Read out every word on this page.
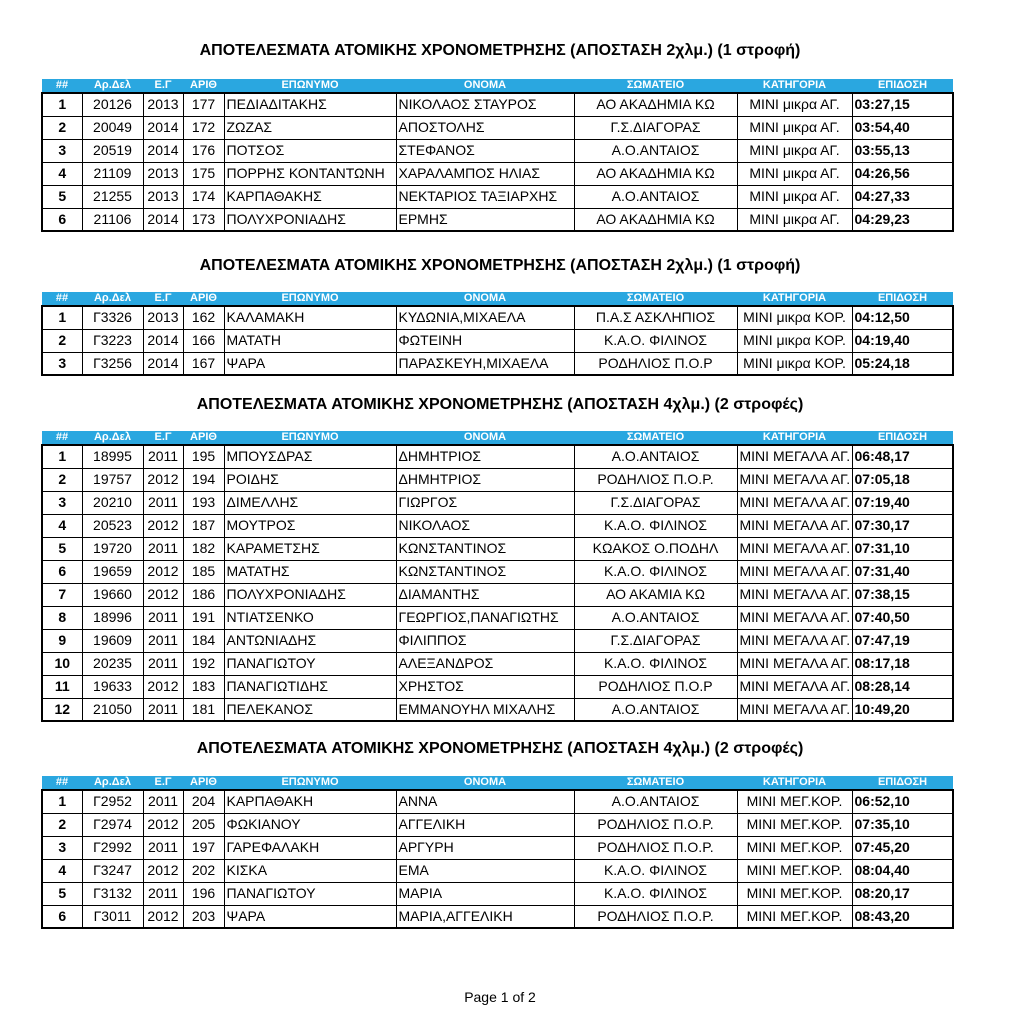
ΑΠΟΤΕΛΕΣΜΑΤΑ ΑΤΟΜΙΚΗΣ ΧΡΟΝΟΜΕΤΡΗΣΗΣ (ΑΠΟΣΤΑΣΗ 2χλμ.) (1 στροφή)
##	Αρ.Δελ	Ε.Γ	ΑΡΙΘ	ΕΠΩΝΥΜΟ	ΟΝΟΜΑ	ΣΩΜΑΤΕΙΟ	ΚΑΤΗΓΟΡΙΑ	ΕΠΙΔΟΣΗ
1	20126	2013	177	ΠΕΔΙΑΔΙΤΑΚΗΣ	ΝΙΚΟΛΑΟΣ ΣΤΑΥΡΟΣ	ΑΟ ΑΚΑΔΗΜΙΑ ΚΩ	ΜΙΝΙ μικρα ΑΓ.	03:27,15
2	20049	2014	172	ΖΩΖΑΣ	ΑΠΟΣΤΟΛΗΣ	Γ.Σ.ΔΙΑΓΟΡΑΣ	ΜΙΝΙ μικρα ΑΓ.	03:54,40
3	20519	2014	176	ΠΟΤΣΟΣ	ΣΤΕΦΑΝΟΣ	Α.Ο.ΑΝΤΑΙΟΣ	ΜΙΝΙ μικρα ΑΓ.	03:55,13
4	21109	2013	175	ΠΟΡΡΗΣ ΚΟΝΤΑΝΤΩΝΗ	ΧΑΡΑΛΑΜΠΟΣ ΗΛΙΑΣ	ΑΟ ΑΚΑΔΗΜΙΑ ΚΩ	ΜΙΝΙ μικρα ΑΓ.	04:26,56
5	21255	2013	174	ΚΑΡΠΑΘΑΚΗΣ	ΝΕΚΤΑΡΙΟΣ ΤΑΞΙΑΡΧΗΣ	Α.Ο.ΑΝΤΑΙΟΣ	ΜΙΝΙ μικρα ΑΓ.	04:27,33
6	21106	2014	173	ΠΟΛΥΧΡΟΝΙΑΔΗΣ	ΕΡΜΗΣ	ΑΟ ΑΚΑΔΗΜΙΑ ΚΩ	ΜΙΝΙ μικρα ΑΓ.	04:29,23
ΑΠΟΤΕΛΕΣΜΑΤΑ ΑΤΟΜΙΚΗΣ ΧΡΟΝΟΜΕΤΡΗΣΗΣ (ΑΠΟΣΤΑΣΗ 2χλμ.) (1 στροφή)
##	Αρ.Δελ	Ε.Γ	ΑΡΙΘ	ΕΠΩΝΥΜΟ	ΟΝΟΜΑ	ΣΩΜΑΤΕΙΟ	ΚΑΤΗΓΟΡΙΑ	ΕΠΙΔΟΣΗ
1	Γ3326	2013	162	ΚΑΛΑΜΑΚΗ	ΚΥΔΩΝΙΑ,ΜΙΧΑΕΛΑ	Π.Α.Σ ΑΣΚΛΗΠΙΟΣ	ΜΙΝΙ μικρα ΚΟΡ.	04:12,50
2	Γ3223	2014	166	ΜΑΤΑΤΗ	ΦΩΤΕΙΝΗ	Κ.Α.Ο. ΦΙΛΙΝΟΣ	ΜΙΝΙ μικρα ΚΟΡ.	04:19,40
3	Γ3256	2014	167	ΨΑΡΑ	ΠΑΡΑΣΚΕΥΗ,ΜΙΧΑΕΛΑ	ΡΟΔΗΛΙΟΣ Π.Ο.Ρ	ΜΙΝΙ μικρα ΚΟΡ.	05:24,18
ΑΠΟΤΕΛΕΣΜΑΤΑ ΑΤΟΜΙΚΗΣ ΧΡΟΝΟΜΕΤΡΗΣΗΣ (ΑΠΟΣΤΑΣΗ 4χλμ.) (2 στροφές)
##	Αρ.Δελ	Ε.Γ	ΑΡΙΘ	ΕΠΩΝΥΜΟ	ΟΝΟΜΑ	ΣΩΜΑΤΕΙΟ	ΚΑΤΗΓΟΡΙΑ	ΕΠΙΔΟΣΗ
1	18995	2011	195	ΜΠΟΥΣΔΡΑΣ	ΔΗΜΗΤΡΙΟΣ	Α.Ο.ΑΝΤΑΙΟΣ	ΜΙΝΙ ΜΕΓΑΛΑ ΑΓ.	06:48,17
2	19757	2012	194	ΡΟΙΔΗΣ	ΔΗΜΗΤΡΙΟΣ	ΡΟΔΗΛΙΟΣ Π.Ο.Ρ.	ΜΙΝΙ ΜΕΓΑΛΑ ΑΓ.	07:05,18
3	20210	2011	193	ΔΙΜΕΛΛΗΣ	ΓΙΩΡΓΟΣ	Γ.Σ.ΔΙΑΓΟΡΑΣ	ΜΙΝΙ ΜΕΓΑΛΑ ΑΓ.	07:19,40
4	20523	2012	187	ΜΟΥΤΡΟΣ	ΝΙΚΟΛΑΟΣ	Κ.Α.Ο. ΦΙΛΙΝΟΣ	ΜΙΝΙ ΜΕΓΑΛΑ ΑΓ.	07:30,17
5	19720	2011	182	ΚΑΡΑΜΕΤΣΗΣ	ΚΩΝΣΤΑΝΤΙΝΟΣ	ΚΩΑΚΟΣ Ο.ΠΟΔΗΛ	ΜΙΝΙ ΜΕΓΑΛΑ ΑΓ.	07:31,10
6	19659	2012	185	ΜΑΤΑΤΗΣ	ΚΩΝΣΤΑΝΤΙΝΟΣ	Κ.Α.Ο. ΦΙΛΙΝΟΣ	ΜΙΝΙ ΜΕΓΑΛΑ ΑΓ.	07:31,40
7	19660	2012	186	ΠΟΛΥΧΡΟΝΙΑΔΗΣ	ΔΙΑΜΑΝΤΗΣ	ΑΟ ΑΚΑΜΙΑ ΚΩ	ΜΙΝΙ ΜΕΓΑΛΑ ΑΓ.	07:38,15
8	18996	2011	191	ΝΤΙΑΤΣΕΝΚΟ	ΓΕΩΡΓΙΟΣ,ΠΑΝΑΓΙΩΤΗΣ	Α.Ο.ΑΝΤΑΙΟΣ	ΜΙΝΙ ΜΕΓΑΛΑ ΑΓ.	07:40,50
9	19609	2011	184	ΑΝΤΩΝΙΑΔΗΣ	ΦΙΛΙΠΠΟΣ	Γ.Σ.ΔΙΑΓΟΡΑΣ	ΜΙΝΙ ΜΕΓΑΛΑ ΑΓ.	07:47,19
10	20235	2011	192	ΠΑΝΑΓΙΩΤΟΥ	ΑΛΕΞΑΝΔΡΟΣ	Κ.Α.Ο. ΦΙΛΙΝΟΣ	ΜΙΝΙ ΜΕΓΑΛΑ ΑΓ.	08:17,18
11	19633	2012	183	ΠΑΝΑΓΙΩΤΙΔΗΣ	ΧΡΗΣΤΟΣ	ΡΟΔΗΛΙΟΣ Π.Ο.Ρ	ΜΙΝΙ ΜΕΓΑΛΑ ΑΓ.	08:28,14
12	21050	2011	181	ΠΕΛΕΚΑΝΟΣ	ΕΜΜΑΝΟΥΗΛ ΜΙΧΑΛΗΣ	Α.Ο.ΑΝΤΑΙΟΣ	ΜΙΝΙ ΜΕΓΑΛΑ ΑΓ.	10:49,20
ΑΠΟΤΕΛΕΣΜΑΤΑ ΑΤΟΜΙΚΗΣ ΧΡΟΝΟΜΕΤΡΗΣΗΣ (ΑΠΟΣΤΑΣΗ 4χλμ.) (2 στροφές)
##	Αρ.Δελ	Ε.Γ	ΑΡΙΘ	ΕΠΩΝΥΜΟ	ΟΝΟΜΑ	ΣΩΜΑΤΕΙΟ	ΚΑΤΗΓΟΡΙΑ	ΕΠΙΔΟΣΗ
1	Γ2952	2011	204	ΚΑΡΠΑΘΑΚΗ	ΑΝΝΑ	Α.Ο.ΑΝΤΑΙΟΣ	ΜΙΝΙ ΜΕΓ.ΚΟΡ.	06:52,10
2	Γ2974	2012	205	ΦΩΚΙΑΝΟΥ	ΑΓΓΕΛΙΚΗ	ΡΟΔΗΛΙΟΣ Π.Ο.Ρ.	ΜΙΝΙ ΜΕΓ.ΚΟΡ.	07:35,10
3	Γ2992	2011	197	ΓΑΡΕΦΑΛΑΚΗ	ΑΡΓΥΡΗ	ΡΟΔΗΛΙΟΣ Π.Ο.Ρ.	ΜΙΝΙ ΜΕΓ.ΚΟΡ.	07:45,20
4	Γ3247	2012	202	ΚΙΣΚΑ	ΕΜΑ	Κ.Α.Ο. ΦΙΛΙΝΟΣ	ΜΙΝΙ ΜΕΓ.ΚΟΡ.	08:04,40
5	Γ3132	2011	196	ΠΑΝΑΓΙΩΤΟΥ	ΜΑΡΙΑ	Κ.Α.Ο. ΦΙΛΙΝΟΣ	ΜΙΝΙ ΜΕΓ.ΚΟΡ.	08:20,17
6	Γ3011	2012	203	ΨΑΡΑ	ΜΑΡΙΑ,ΑΓΓΕΛΙΚΗ	ΡΟΔΗΛΙΟΣ Π.Ο.Ρ.	ΜΙΝΙ ΜΕΓ.ΚΟΡ.	08:43,20
Page 1 of 2
